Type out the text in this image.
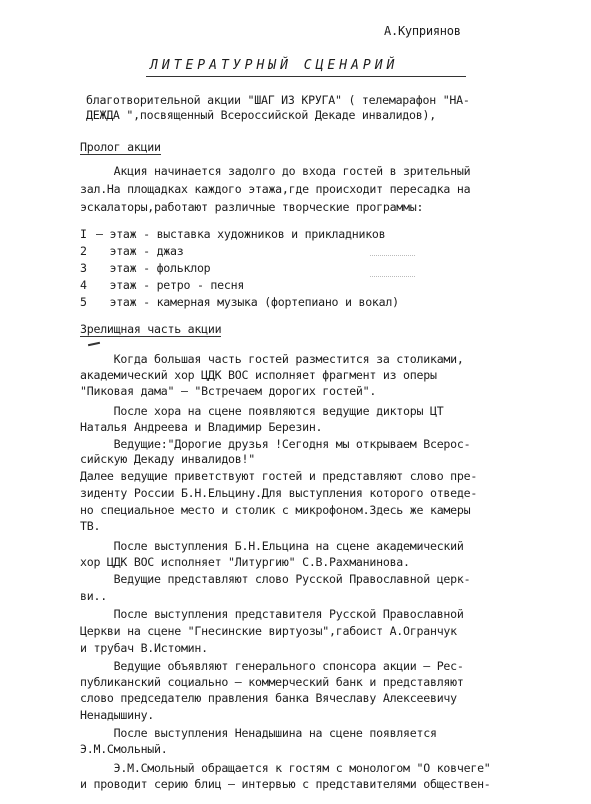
А.Куприянов
ЛИТЕРАТУРНЫЙ СЦЕНАРИЙ
благотворительной акции "ШАГ ИЗ КРУГА" ( телемарафон "НА-
ДЕЖДА ",посвященный Всероссийской Декаде инвалидов),
Пролог акции
Акция начинается задолго до входа гостей в зрительный
зал.На площадках каждого этажа,где происходит пересадка на
эскалаторы,работают различные творческие программы:
I – этаж - выставка художников и прикладников
2 этаж - джаз
3 этаж - фольклор
4 этаж - ретро - песня
5 этаж - камерная музыка (фортепиано и вокал)
Зрелищная часть акции
Когда большая часть гостей разместится за столиками,
академический хор ЦДК ВОС исполняет фрагмент из оперы
"Пиковая дама" – "Встречаем дорогих гостей".
После хора на сцене появляются ведущие дикторы ЦТ
Наталья Андреева и Владимир Березин.
Ведущие:"Дорогие друзья !Сегодня мы открываем Всерос-
сийскую Декаду инвалидов!"
Далее ведущие приветствуют гостей и представляют слово пре-
зиденту России Б.Н.Ельцину.Для выступления которого отведе-
но специальное место и столик с микрофоном.Здесь же камеры
ТВ.
После выступления Б.Н.Ельцина на сцене академический
хор ЦДК ВОС исполняет "Литургию" С.В.Рахманинова.
Ведущие представляют слово Русской Православной церк-
ви..
После выступления представителя Русской Православной
Церкви на сцене "Гнесинские виртуозы",габоист А.Огранчук
и трубач В.Истомин.
Ведущие объявляют генерального спонсора акции – Рес-
публиканский социально – коммерческий банк и представляют
слово председателю правления банка Вячеславу Алексеевичу
Ненадышину.
После выступления Ненадышина на сцене появляется
Э.М.Смольный.
Э.М.Смольный обращается к гостям с монологом "О ковчеге"
и проводит серию блиц – интервью с представителями обществен-
